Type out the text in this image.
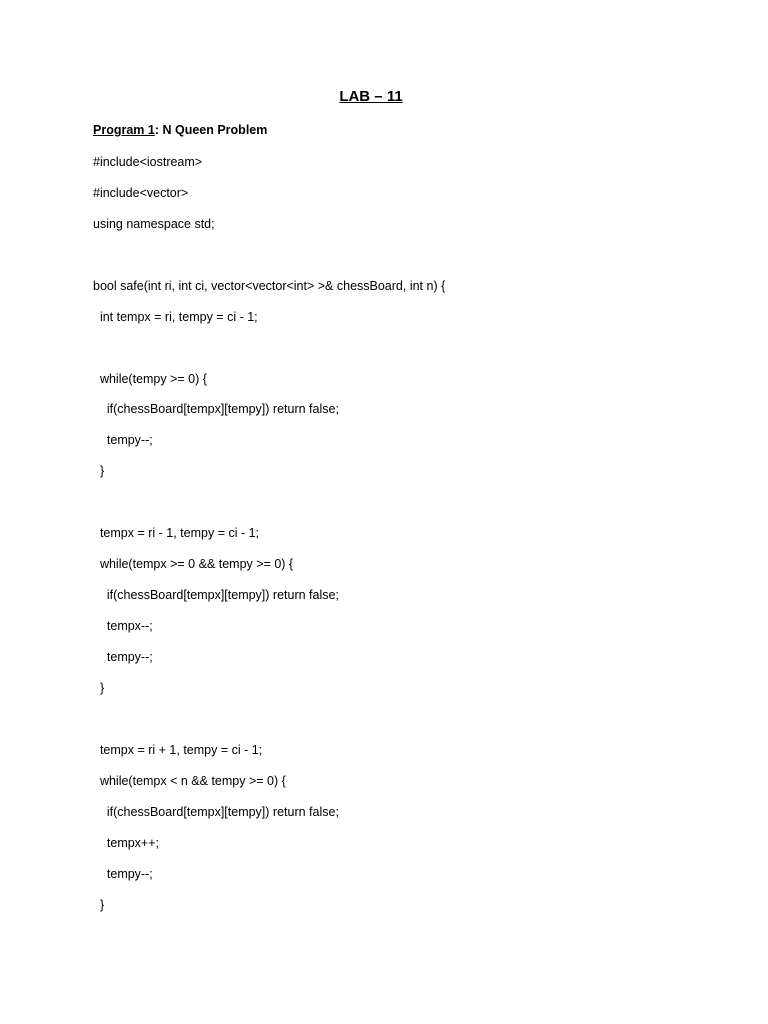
LAB – 11
Program 1: N Queen Problem
#include<iostream>
#include<vector>
using namespace std;
bool safe(int ri, int ci, vector<vector<int> >& chessBoard, int n) {
int tempx = ri, tempy = ci - 1;
while(tempy >= 0) {
if(chessBoard[tempx][tempy]) return false;
tempy--;
}
tempx = ri - 1, tempy = ci - 1;
while(tempx >= 0 && tempy >= 0) {
if(chessBoard[tempx][tempy]) return false;
tempx--;
tempy--;
}
tempx = ri + 1, tempy = ci - 1;
while(tempx < n && tempy >= 0) {
if(chessBoard[tempx][tempy]) return false;
tempx++;
tempy--;
}
